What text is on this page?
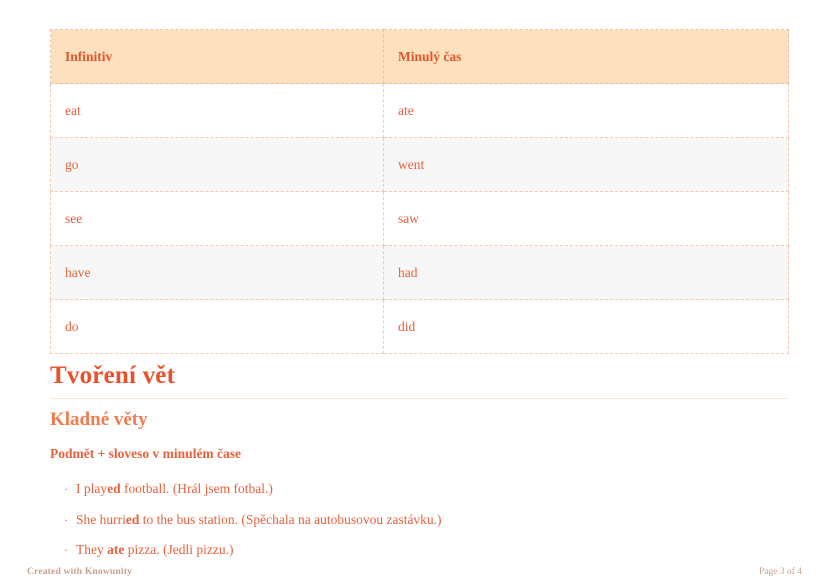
Infinitiv	Minulý čas
eat	ate
go	went
see	saw
have	had
do	did
Tvoření vět
Kladné věty
Podmět + sloveso v minulém čase
· I played football. (Hrál jsem fotbal.)
· She hurried to the bus station. (Spěchala na autobusovou zastávku.)
· They ate pizza. (Jedli pizzu.)
Created with Knowunity	Page 3 of 4
